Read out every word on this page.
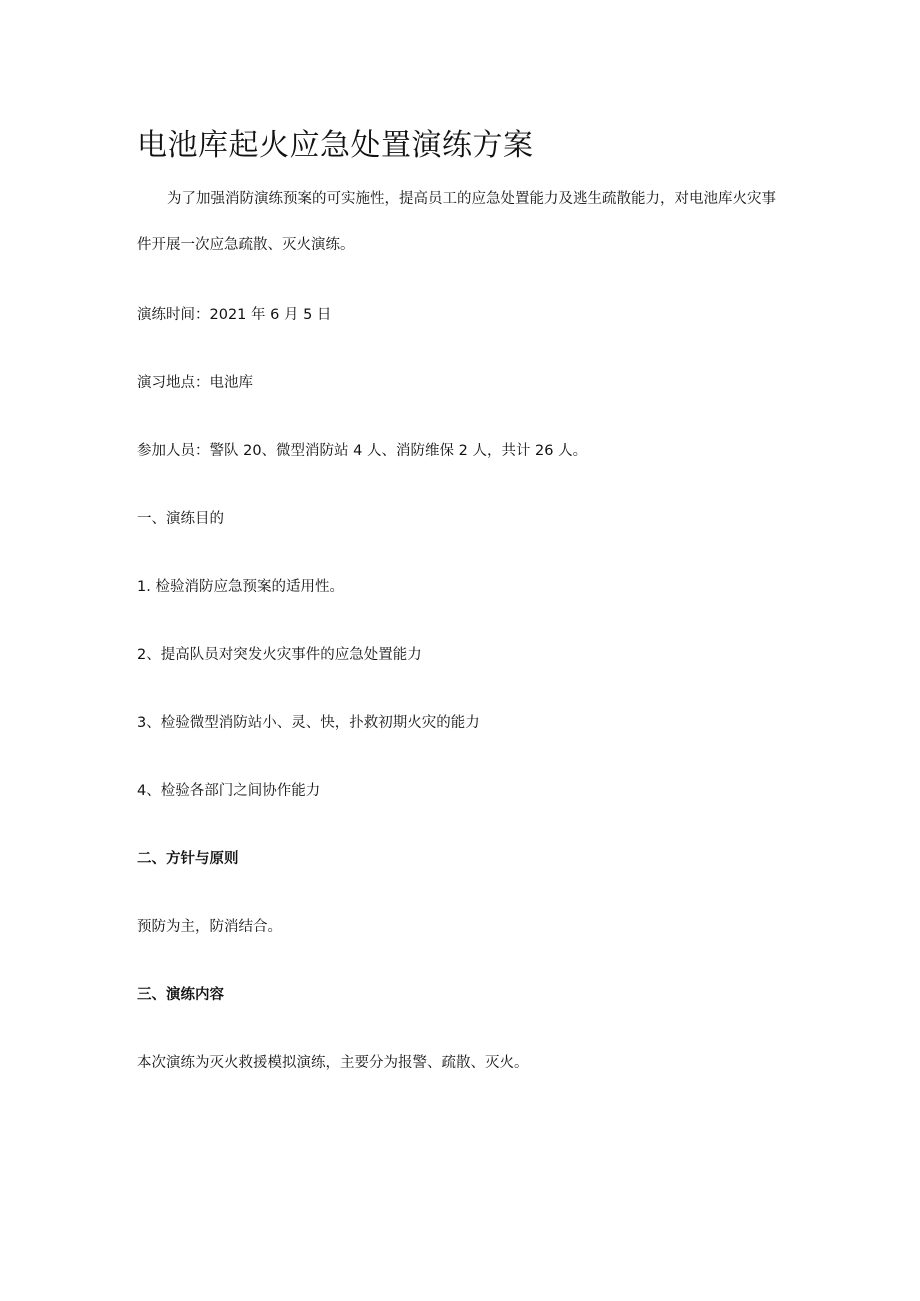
电池库起火应急处置演练方案

为了加强消防演练预案的可实施性，提高员工的应急处置能力及逃生疏散能力，对电池库火灾事件开展一次应急疏散、灭火演练。

演练时间：2021 年 6 月 5 日

演习地点：电池库

参加人员：警队 20、微型消防站 4 人、消防维保 2 人，共计 26 人。

一、演练目的

1. 检验消防应急预案的适用性。

2、提高队员对突发火灾事件的应急处置能力

3、检验微型消防站小、灵、快，扑救初期火灾的能力

4、检验各部门之间协作能力

二、方针与原则

预防为主，防消结合。

三、演练内容

本次演练为灭火救援模拟演练，主要分为报警、疏散、灭火。
